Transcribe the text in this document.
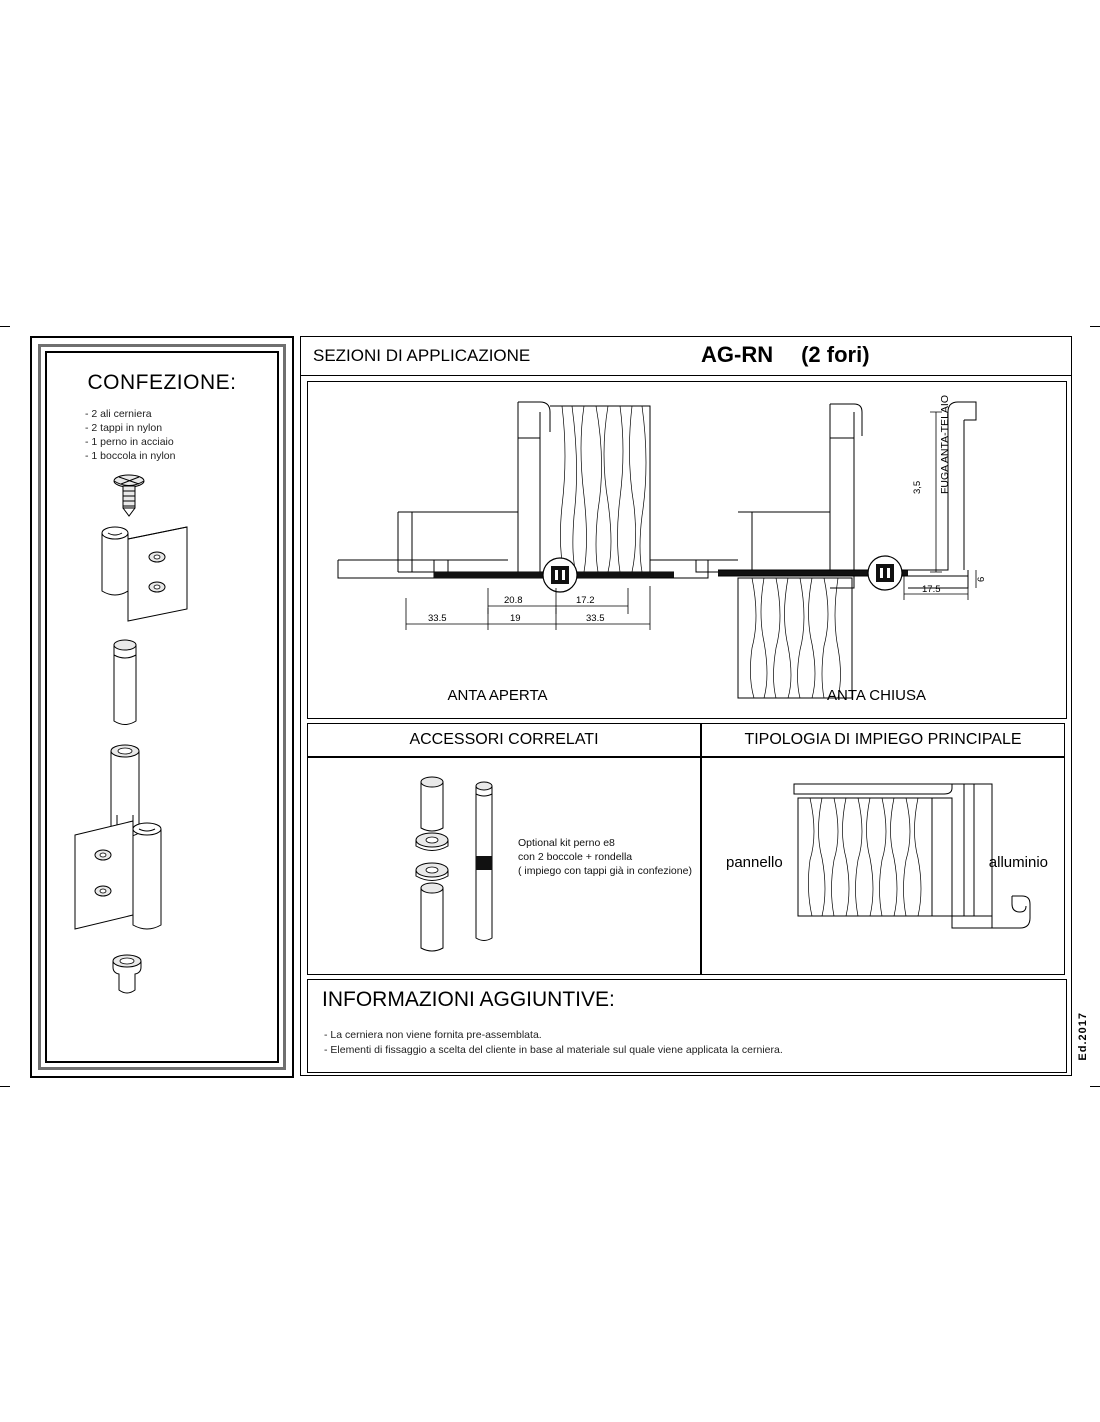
CONFEZIONE:
- 2 ali cerniera
- 2 tappi in nylon
- 1 perno in acciaio
- 1 boccola in nylon
SEZIONI DI APPLICAZIONE	AG-RN (2 fori)
20.8	17.2
33.5	19	33.5
3,5
6
17.5
FUGA ANTA-TELAIO
ANTA APERTA	ANTA CHIUSA
ACCESSORI CORRELATI	TIPOLOGIA DI IMPIEGO PRINCIPALE
Optional kit perno e8
con 2 boccole + rondella
( impiego con tappi già in confezione) pannello	alluminio
INFORMAZIONI AGGIUNTIVE:
- La cerniera non viene fornita pre-assemblata.
- Elementi di fissaggio a scelta del cliente in base al materiale sul quale viene applicata la cerniera.	Ed.2017
